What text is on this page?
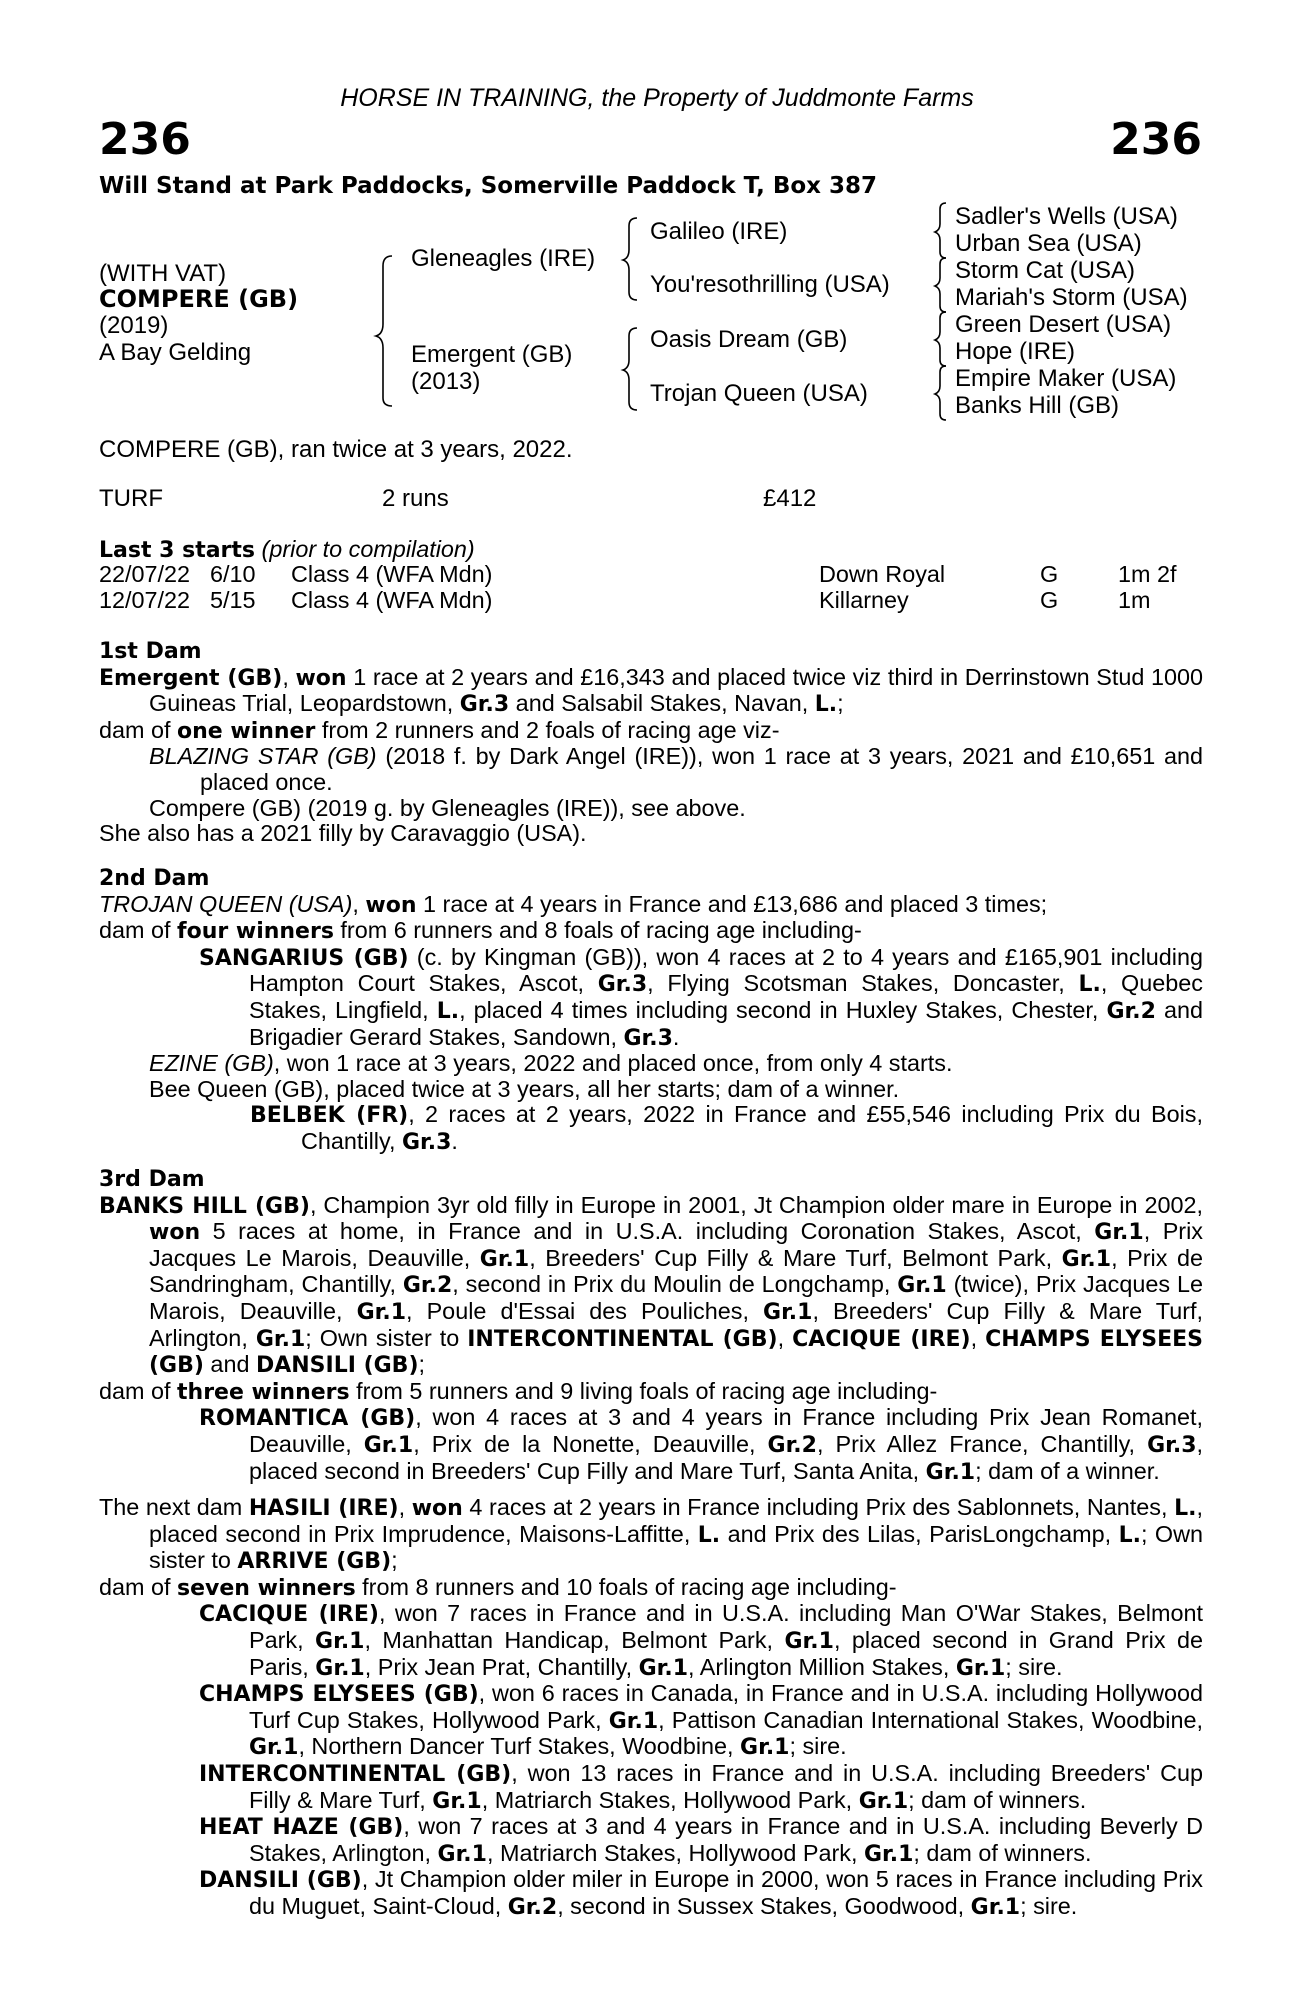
236	236
HORSE IN TRAINING, the Property of Juddmonte Farms
Will Stand at Park Paddocks, Somerville Paddock T, Box 387
(WITH VAT)
COMPERE (GB)
(2019)
A Bay Gelding
Gleneagles (IRE)
Emergent (GB)
(2013)
Galileo (IRE)
You'resothrilling (USA)
Oasis Dream (GB)
Trojan Queen (USA)
Sadler's Wells (USA)
Urban Sea (USA)
Storm Cat (USA)
Mariah's Storm (USA)
Green Desert (USA)
Hope (IRE)
Empire Maker (USA)
Banks Hill (GB)
COMPERE (GB), ran twice at 3 years, 2022.
TURF	2 runs	£412
Last 3 starts (prior to compilation)
22/07/22 6/10 Class 4 (WFA Mdn)	Down Royal	G	1m 2f
12/07/22 5/15 Class 4 (WFA Mdn)	Killarney	G	1m

1st Dam

Emergent (GB), won 1 race at 2 years and £16,343 and placed twice viz third in Derrinstown Stud 1000 Guineas Trial, Leopardstown, Gr.3 and Salsabil Stakes, Navan, L.;

dam of one winner from 2 runners and 2 foals of racing age viz-

BLAZING STAR (GB) (2018 f. by Dark Angel (IRE)), won 1 race at 3 years, 2021 and £10,651 and placed once.

Compere (GB) (2019 g. by Gleneagles (IRE)), see above.

She also has a 2021 filly by Caravaggio (USA).

2nd Dam

TROJAN QUEEN (USA), won 1 race at 4 years in France and £13,686 and placed 3 times;

dam of four winners from 6 runners and 8 foals of racing age including-

SANGARIUS (GB) (c. by Kingman (GB)), won 4 races at 2 to 4 years and £165,901 including Hampton Court Stakes, Ascot, Gr.3, Flying Scotsman Stakes, Doncaster, L., Quebec Stakes, Lingfield, L., placed 4 times including second in Huxley Stakes, Chester, Gr.2 and Brigadier Gerard Stakes, Sandown, Gr.3.

EZINE (GB), won 1 race at 3 years, 2022 and placed once, from only 4 starts.

Bee Queen (GB), placed twice at 3 years, all her starts; dam of a winner.

BELBEK (FR), 2 races at 2 years, 2022 in France and £55,546 including Prix du Bois, Chantilly, Gr.3.

3rd Dam

BANKS HILL (GB), Champion 3yr old filly in Europe in 2001, Jt Champion older mare in Europe in 2002, won 5 races at home, in France and in U.S.A. including Coronation Stakes, Ascot, Gr.1, Prix Jacques Le Marois, Deauville, Gr.1, Breeders' Cup Filly & Mare Turf, Belmont Park, Gr.1, Prix de Sandringham, Chantilly, Gr.2, second in Prix du Moulin de Longchamp, Gr.1 (twice), Prix Jacques Le Marois, Deauville, Gr.1, Poule d'Essai des Pouliches, Gr.1, Breeders' Cup Filly & Mare Turf, Arlington, Gr.1; Own sister to INTERCONTINENTAL (GB), CACIQUE (IRE), CHAMPS ELYSEES (GB) and DANSILI (GB);

dam of three winners from 5 runners and 9 living foals of racing age including-

ROMANTICA (GB), won 4 races at 3 and 4 years in France including Prix Jean Romanet, Deauville, Gr.1, Prix de la Nonette, Deauville, Gr.2, Prix Allez France, Chantilly, Gr.3, placed second in Breeders' Cup Filly and Mare Turf, Santa Anita, Gr.1; dam of a winner.

The next dam HASILI (IRE), won 4 races at 2 years in France including Prix des Sablonnets, Nantes, L., placed second in Prix Imprudence, Maisons-Laffitte, L. and Prix des Lilas, ParisLongchamp, L.; Own sister to ARRIVE (GB);

dam of seven winners from 8 runners and 10 foals of racing age including-

CACIQUE (IRE), won 7 races in France and in U.S.A. including Man O'War Stakes, Belmont Park, Gr.1, Manhattan Handicap, Belmont Park, Gr.1, placed second in Grand Prix de Paris, Gr.1, Prix Jean Prat, Chantilly, Gr.1, Arlington Million Stakes, Gr.1; sire.

CHAMPS ELYSEES (GB), won 6 races in Canada, in France and in U.S.A. including Hollywood Turf Cup Stakes, Hollywood Park, Gr.1, Pattison Canadian International Stakes, Woodbine, Gr.1, Northern Dancer Turf Stakes, Woodbine, Gr.1; sire.

INTERCONTINENTAL (GB), won 13 races in France and in U.S.A. including Breeders' Cup Filly & Mare Turf, Gr.1, Matriarch Stakes, Hollywood Park, Gr.1; dam of winners.

HEAT HAZE (GB), won 7 races at 3 and 4 years in France and in U.S.A. including Beverly D Stakes, Arlington, Gr.1, Matriarch Stakes, Hollywood Park, Gr.1; dam of winners.

DANSILI (GB), Jt Champion older miler in Europe in 2000, won 5 races in France including Prix du Muguet, Saint-Cloud, Gr.2, second in Sussex Stakes, Goodwood, Gr.1; sire.
